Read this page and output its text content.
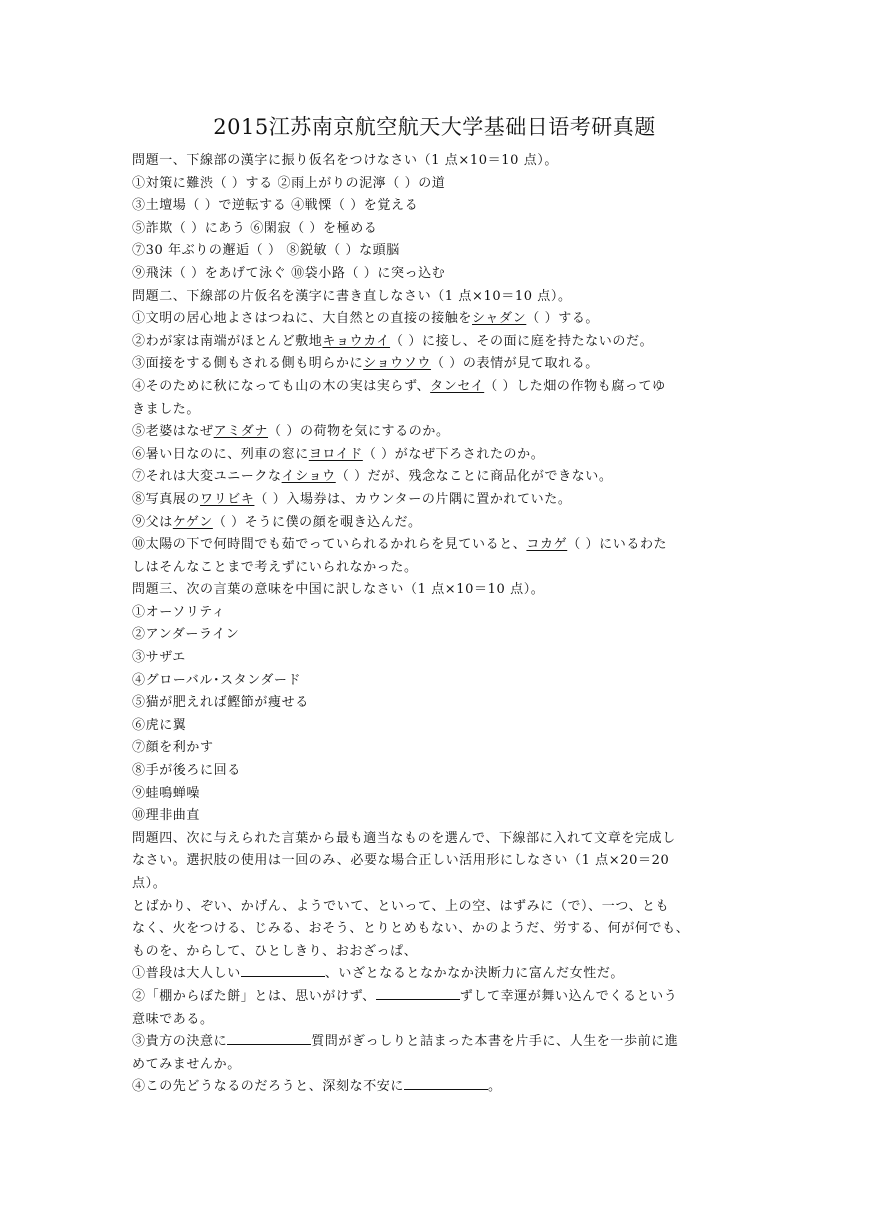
2015江苏南京航空航天大学基础日语考研真题
問題一、下線部の漢字に振り仮名をつけなさい（1 点×10＝10 点）。
①対策に難渋（ ）する ②雨上がりの泥濘（ ）の道
③土壇場（ ）で逆転する ④戦慄（ ）を覚える
⑤詐欺（ ）にあう ⑥閑寂（ ）を極める
⑦30 年ぶりの邂逅（ ） ⑧鋭敏（ ）な頭脳
⑨飛沫（ ）をあげて泳ぐ ⑩袋小路（ ）に突っ込む
問題二、下線部の片仮名を漢字に書き直しなさい（1 点×10＝10 点）。
①文明の居心地よさはつねに、大自然との直接の接触をシャダン（ ）する。
②わが家は南端がほとんど敷地キョウカイ（ ）に接し、その面に庭を持たないのだ。
③面接をする側もされる側も明らかにショウソウ（ ）の表情が見て取れる。
④そのために秋になっても山の木の実は実らず、タンセイ（ ）した畑の作物も腐ってゆ
きました。
⑤老婆はなぜアミダナ（ ）の荷物を気にするのか。
⑥暑い日なのに、列車の窓にヨロイド（ ）がなぜ下ろされたのか。
⑦それは大変ユニークなイショウ（ ）だが、残念なことに商品化ができない。
⑧写真展のワリビキ（ ）入場券は、カウンターの片隅に置かれていた。
⑨父はケゲン（ ）そうに僕の顔を覗き込んだ。
⑩太陽の下で何時間でも茹でっていられるかれらを見ていると、コカゲ（ ）にいるわた
しはそんなことまで考えずにいられなかった。
問題三、次の言葉の意味を中国に訳しなさい（1 点×10＝10 点）。
①オーソリティ
②アンダーライン
③サザエ
④グローバル･スタンダード
⑤猫が肥えれば鰹節が痩せる
⑥虎に翼
⑦顔を利かす
⑧手が後ろに回る
⑨蛙鳴蝉噪
⑩理非曲直
問題四、次に与えられた言葉から最も適当なものを選んで、下線部に入れて文章を完成し
なさい。選択肢の使用は一回のみ、必要な場合正しい活用形にしなさい（1 点×20＝20
点）。
とばかり、ぞい、かげん、ようでいて、といって、上の空、はずみに（で）、一つ、とも
なく、火をつける、じみる、おそう、とりとめもない、かのようだ、労する、何が何でも、
ものを、からして、ひとしきり、おおざっぱ、
①普段は大人しい	、いざとなるとなかなか決断力に富んだ女性だ。
②「棚からぼた餅」とは、思いがけず、	ずして幸運が舞い込んでくるという
意味である。
③貴方の決意に	質問がぎっしりと詰まった本書を片手に、人生を一歩前に進
めてみませんか。
④この先どうなるのだろうと、深刻な不安に	。
